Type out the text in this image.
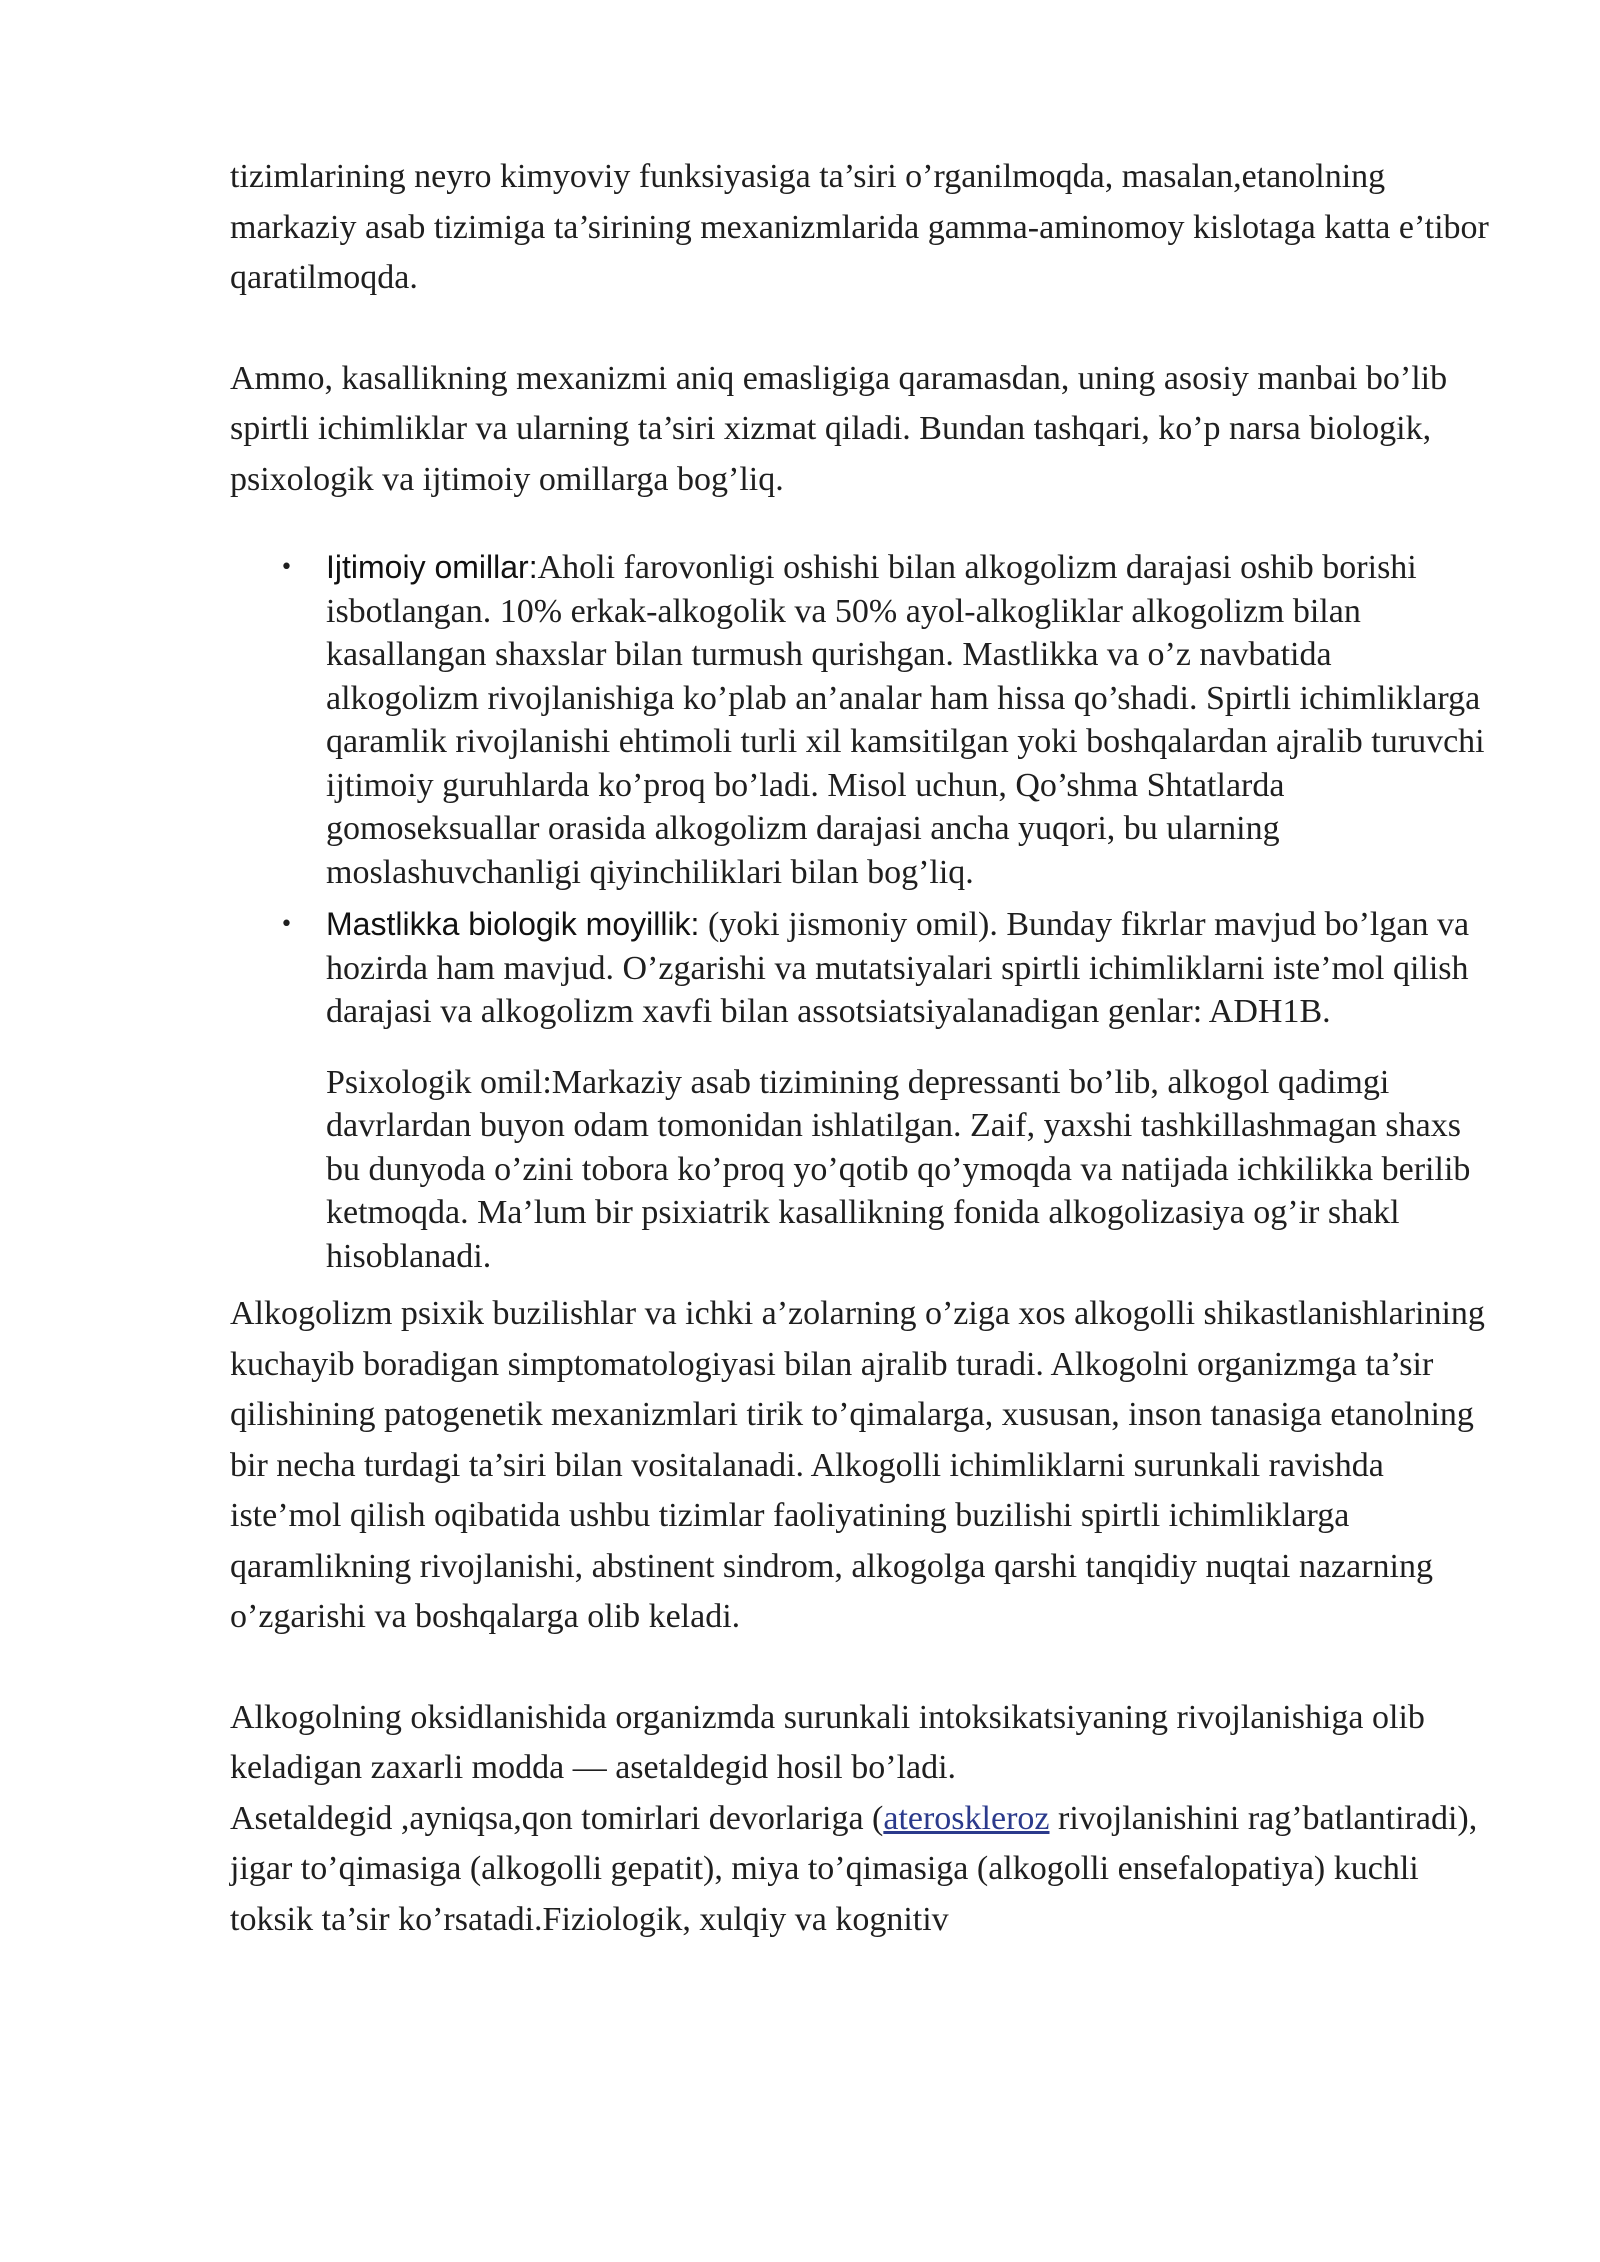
tizimlarining neyro kimyoviy funksiyasiga ta’siri o’rganilmoqda, masalan,etanolning markaziy asab tizimiga ta’sirining mexanizmlarida gamma-aminomoy kislotaga katta e’tibor qaratilmoqda.

Ammo, kasallikning mexanizmi aniq emasligiga qaramasdan, uning asosiy manbai bo’lib spirtli ichimliklar va ularning ta’siri xizmat qiladi. Bundan tashqari, ko’p narsa biologik, psixologik va ijtimoiy omillarga bog’liq.

• Ijtimoiy omillar:Aholi farovonligi oshishi bilan alkogolizm darajasi oshib borishi isbotlangan. 10% erkak-alkogolik va 50% ayol-alkogliklar alkogolizm bilan kasallangan shaxslar bilan turmush qurishgan. Mastlikka va o’z navbatida alkogolizm rivojlanishiga ko’plab an’analar ham hissa qo’shadi. Spirtli ichimliklarga qaramlik rivojlanishi ehtimoli turli xil kamsitilgan yoki boshqalardan ajralib turuvchi ijtimoiy guruhlarda ko’proq bo’ladi. Misol uchun, Qo’shma Shtatlarda gomoseksuallar orasida alkogolizm darajasi ancha yuqori, bu ularning moslashuvchanligi qiyinchiliklari bilan bog’liq.
• Mastlikka biologik moyillik: (yoki jismoniy omil). Bunday fikrlar mavjud bo’lgan va hozirda ham mavjud. O’zgarishi va mutatsiyalari spirtli ichimliklarni iste’mol qilish darajasi va alkogolizm xavfi bilan assotsiatsiyalanadigan genlar: ADH1B.

Psixologik omil:Markaziy asab tizimining depressanti bo’lib, alkogol qadimgi davrlardan buyon odam tomonidan ishlatilgan. Zaif, yaxshi tashkillashmagan shaxs bu dunyoda o’zini tobora ko’proq yo’qotib qo’ymoqda va natijada ichkilikka berilib ketmoqda. Ma’lum bir psixiatrik kasallikning fonida alkogolizasiya og’ir shakl hisoblanadi.

Alkogolizm psixik buzilishlar va ichki a’zolarning o’ziga xos alkogolli shikastlanishlarining kuchayib boradigan simptomatologiyasi bilan ajralib turadi. Alkogolni organizmga ta’sir qilishining patogenetik mexanizmlari tirik to’qimalarga, xususan, inson tanasiga etanolning bir necha turdagi ta’siri bilan vositalanadi. Alkogolli ichimliklarni surunkali ravishda iste’mol qilish oqibatida ushbu tizimlar faoliyatining buzilishi spirtli ichimliklarga qaramlikning rivojlanishi, abstinent sindrom, alkogolga qarshi tanqidiy nuqtai nazarning o’zgarishi va boshqalarga olib keladi.

Alkogolning oksidlanishida organizmda surunkali intoksikatsiyaning rivojlanishiga olib keladigan zaxarli modda — asetaldegid hosil bo’ladi.
Asetaldegid ,ayniqsa,qon tomirlari devorlariga (ateroskleroz rivojlanishini rag’batlantiradi), jigar to’qimasiga (alkogolli gepatit), miya to’qimasiga (alkogolli ensefalopatiya) kuchli toksik ta’sir ko’rsatadi.Fiziologik, xulqiy va kognitiv
